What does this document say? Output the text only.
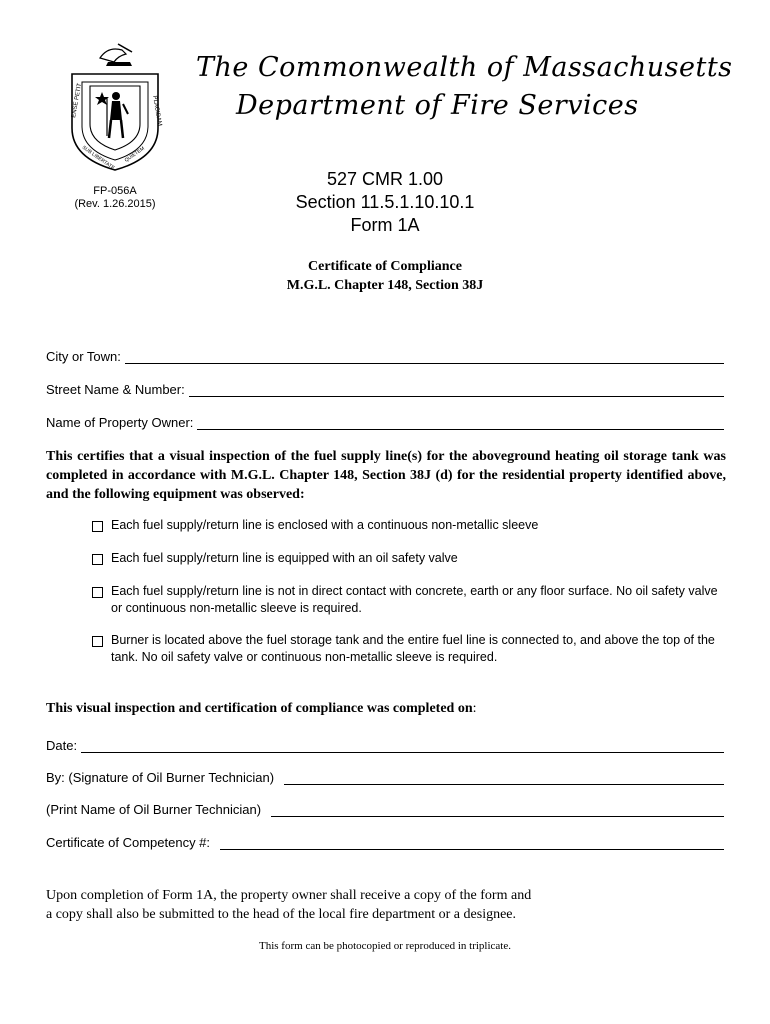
ENSE PETIT	PLACIDAM
SUB LIBERTATE QUIETEM
FP-056A
(Rev. 1.26.2015)
The Commonwealth of Massachusetts
Department of Fire Services
527 CMR 1.00
Section 11.5.1.10.10.1
Form 1A
Certificate of Compliance
M.G.L. Chapter 148, Section 38J
City or Town:
Street Name & Number:
Name of Property Owner:
This certifies that a visual inspection of the fuel supply line(s) for the aboveground heating oil storage tank was completed in accordance with M.G.L. Chapter 148, Section 38J (d) for the residential property identified above, and the following equipment was observed:
Each fuel supply/return line is enclosed with a continuous non-metallic sleeve
Each fuel supply/return line is equipped with an oil safety valve
Each fuel supply/return line is not in direct contact with concrete, earth or any floor surface. No oil safety valve or continuous non-metallic sleeve is required.
Burner is located above the fuel storage tank and the entire fuel line is connected to, and above the top of the tank. No oil safety valve or continuous non-metallic sleeve is required.
This visual inspection and certification of compliance was completed on:
Date:
By: (Signature of Oil Burner Technician)
(Print Name of Oil Burner Technician)
Certificate of Competency #:
Upon completion of Form 1A, the property owner shall receive a copy of the form and
a copy shall also be submitted to the head of the local fire department or a designee.
This form can be photocopied or reproduced in triplicate.
